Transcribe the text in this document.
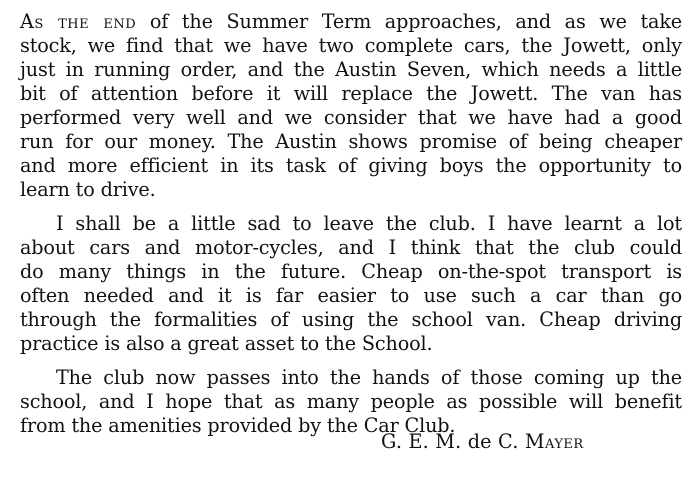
As the end of the Summer Term approaches, and as we take

stock, we find that we have two complete cars, the Jowett, only

just in running order, and the Austin Seven, which needs a little

bit of attention before it will replace the Jowett. The van has

performed very well and we consider that we have had a good

run for our money. The Austin shows promise of being cheaper

and more efficient in its task of giving boys the opportunity to

learn to drive.

I shall be a little sad to leave the club. I have learnt a lot

about cars and motor-cycles, and I think that the club could

do many things in the future. Cheap on-the-spot transport is

often needed and it is far easier to use such a car than go

through the formalities of using the school van. Cheap driving

practice is also a great asset to the School.

The club now passes into the hands of those coming up the

school, and I hope that as many people as possible will benefit

from the amenities provided by the Car Club.

G. E. M. de C. Mayer
